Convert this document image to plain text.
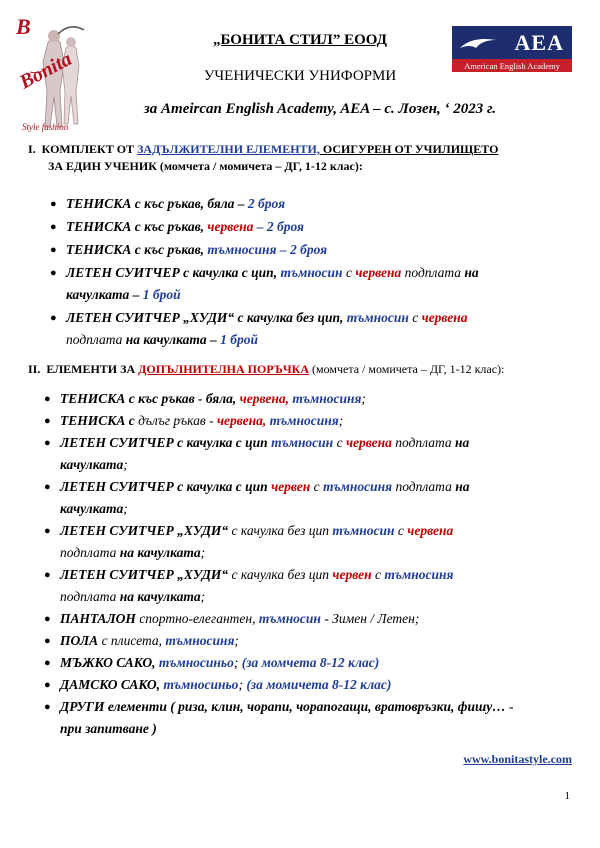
B
Bonita
Style fashion
AEA
American English Academy
„БОНИТА СТИЛ” ЕООД
УЧЕНИЧЕСКИ УНИФОРМИ
за Ameircan English Academy, AEA – с. Лозен, ‘ 2023 г.
I. КОМПЛЕКТ ОТ ЗАДЪЛЖИТЕЛНИ ЕЛЕМЕНТИ, ОСИГУРЕН ОТ УЧИЛИЩЕТО
ЗА ЕДИН УЧЕНИК (момчета / момичета – ДГ, 1-12 клас):
● ТЕНИСКА с къс ръкав, бяла – 2 броя
● ТЕНИСКА с къс ръкав, червена – 2 броя
● ТЕНИСКА с къс ръкав, тъмносиня – 2 броя
● ЛЕТЕН СУИТЧЕР с качулка с цип, тъмносин с червена подплата на
качулката – 1 брой
● ЛЕТЕН СУИТЧЕР „ХУДИ“ с качулка без цип, тъмносин с червена
подплата на качулката – 1 брой
II. ЕЛЕМЕНТИ ЗА ДОПЪЛНИТЕЛНА ПОРЪЧКА (момчета / момичета – ДГ, 1-12 клас):
● ТЕНИСКА с къс ръкав - бяла, червена, тъмносиня;
● ТЕНИСКА с дълъг ръкав - червена, тъмносиня;
● ЛЕТЕН СУИТЧЕР с качулка с цип тъмносин с червена подплата на
качулката;
● ЛЕТЕН СУИТЧЕР с качулка с цип червен с тъмносиня подплата на
качулката;
● ЛЕТЕН СУИТЧЕР „ХУДИ“ с качулка без цип тъмносин с червена
подплата на качулката;
● ЛЕТЕН СУИТЧЕР „ХУДИ“ с качулка без цип червен с тъмносиня
подплата на качулката;
● ПАНТАЛОН спортно-елегантен, тъмносин - Зимен / Летен;
● ПОЛА с плисета, тъмносиня;
● МЪЖКО САКО, тъмносиньо; (за момчета 8-12 клас)
● ДАМСКО САКО, тъмносиньо; (за момичета 8-12 клас)
● ДРУГИ елементи ( риза, клин, чорапи, чорапогащи, вратовръзки, фишу… -
при запитване )
www.bonitastyle.com
1
